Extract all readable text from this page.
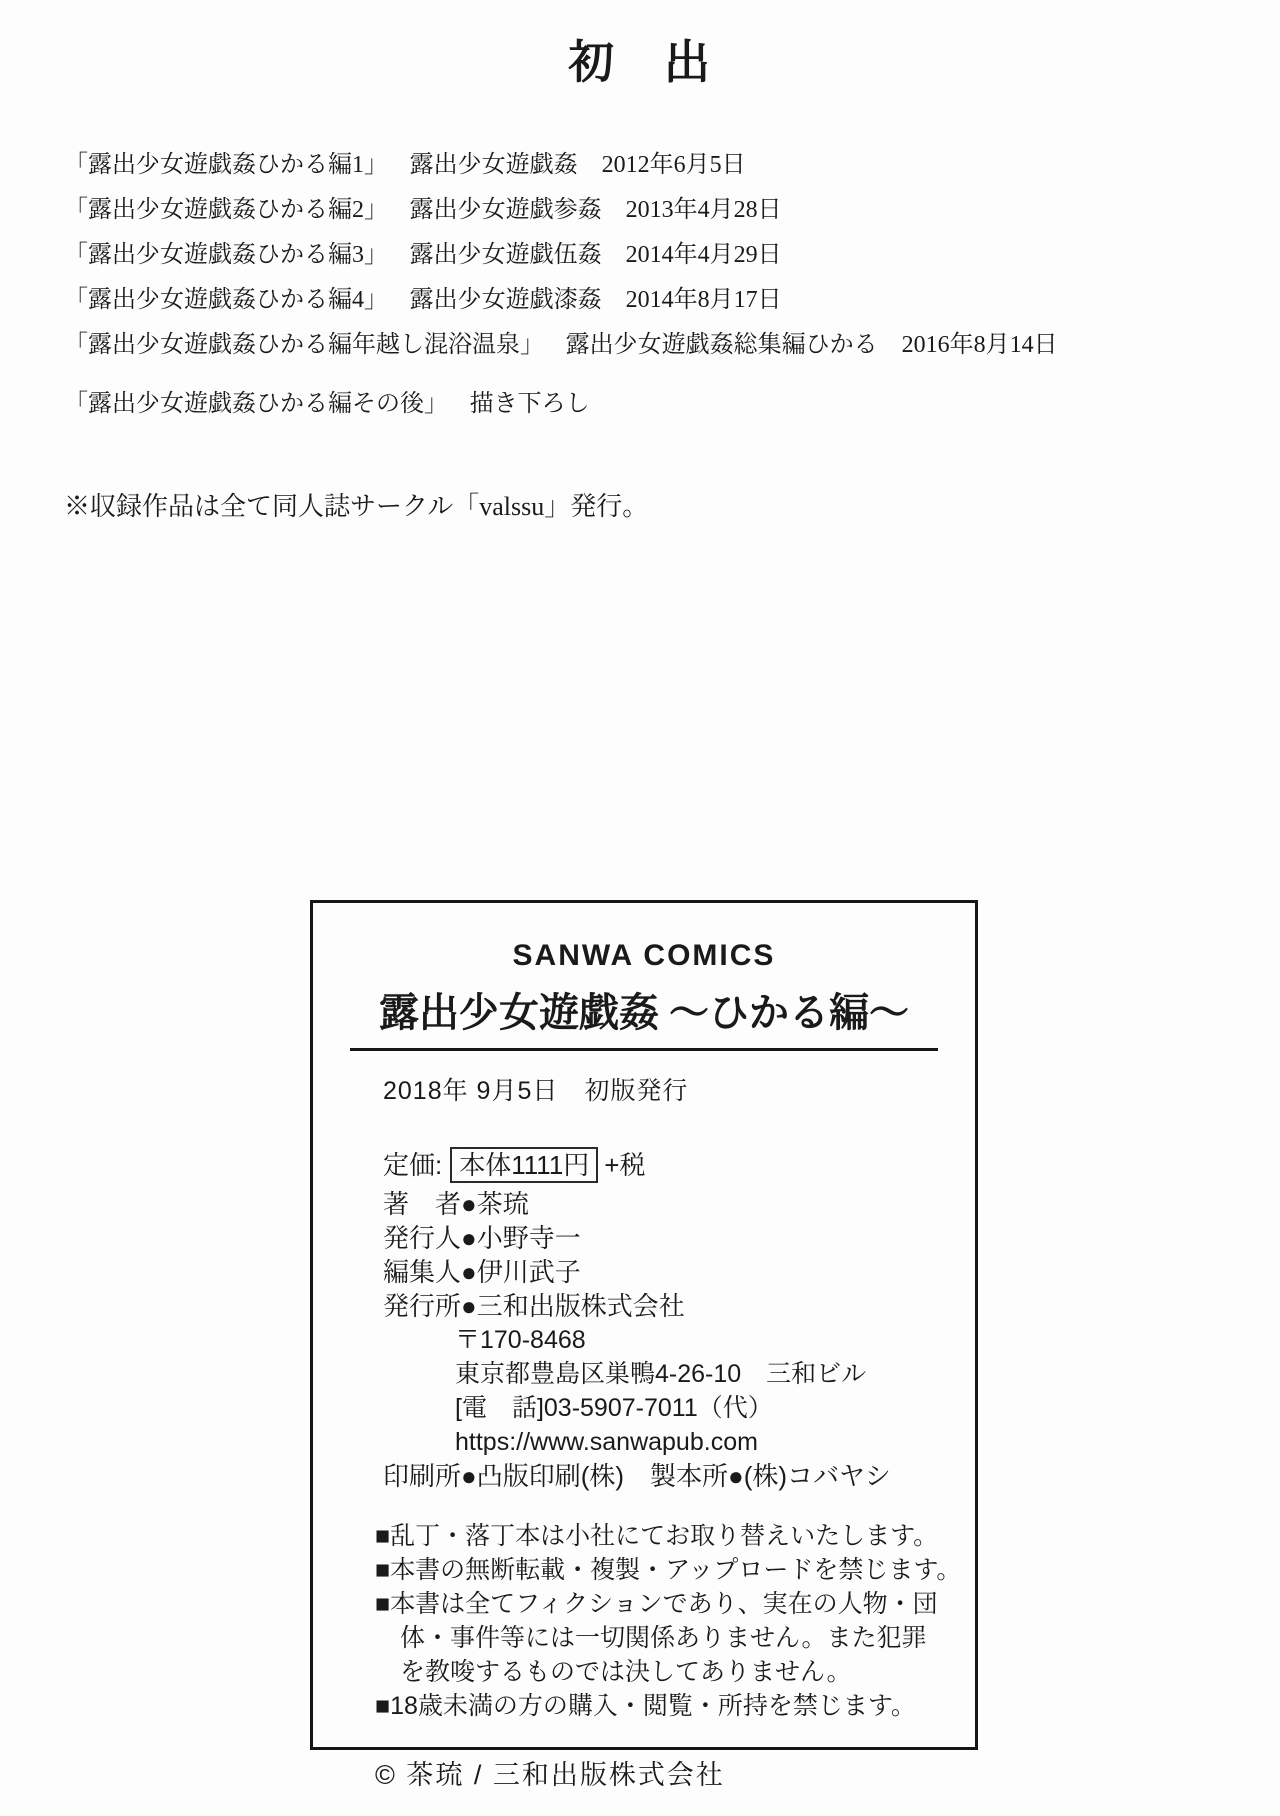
初　出
「露出少女遊戯姦ひかる編1」 露出少女遊戯姦 2012年6月5日
「露出少女遊戯姦ひかる編2」 露出少女遊戯参姦 2013年4月28日
「露出少女遊戯姦ひかる編3」 露出少女遊戯伍姦 2014年4月29日
「露出少女遊戯姦ひかる編4」 露出少女遊戯漆姦 2014年8月17日
「露出少女遊戯姦ひかる編年越し混浴温泉」 露出少女遊戯姦総集編ひかる 2016年8月14日
「露出少女遊戯姦ひかる編その後」 描き下ろし
※収録作品は全て同人誌サークル「valssu」発行。
SANWA COMICS
露出少女遊戯姦 ～ひかる編～
2018年 9月5日　初版発行
定価: 本体1111円 +税
著　者●茶琉
発行人●小野寺一
編集人●伊川武子
発行所●三和出版株式会社
〒170-8468
東京都豊島区巣鴨4-26-10　三和ビル
[電　話]03-5907-7011（代）
https://www.sanwapub.com
印刷所●凸版印刷(株)　製本所●(株)コバヤシ
■乱丁・落丁本は小社にてお取り替えいたします。
■本書の無断転載・複製・アップロードを禁じます。
■本書は全てフィクションであり、実在の人物・団
体・事件等には一切関係ありません。また犯罪
を教唆するものでは決してありません。
■18歳未満の方の購入・閲覧・所持を禁じます。
© 茶琉 / 三和出版株式会社
